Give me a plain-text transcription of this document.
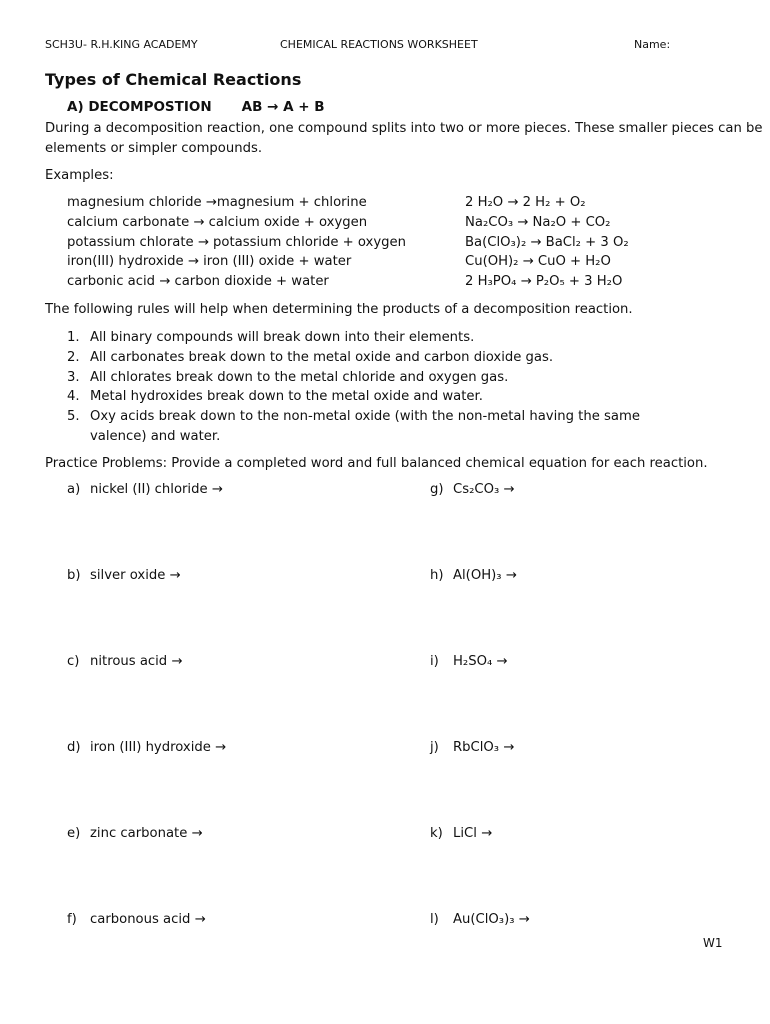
SCH3U- R.H.KING ACADEMY	CHEMICAL REACTIONS WORKSHEET	Name:
Types of Chemical Reactions
A) DECOMPOSTION AB → A + B
During a decomposition reaction, one compound splits into two or more pieces. These smaller pieces can be
elements or simpler compounds.
Examples:
magnesium chloride →magnesium + chlorine
calcium carbonate → calcium oxide + oxygen
potassium chlorate → potassium chloride + oxygen
iron(III) hydroxide → iron (III) oxide + water
carbonic acid → carbon dioxide + water
2 H₂O → 2 H₂ + O₂
Na₂CO₃ → Na₂O + CO₂
Ba(ClO₃)₂ → BaCl₂ + 3 O₂
Cu(OH)₂ → CuO + H₂O
2 H₃PO₄ → P₂O₅ + 3 H₂O
The following rules will help when determining the products of a decomposition reaction.
1. All binary compounds will break down into their elements.
2. All carbonates break down to the metal oxide and carbon dioxide gas.
3. All chlorates break down to the metal chloride and oxygen gas.
4. Metal hydroxides break down to the metal oxide and water.
5. Oxy acids break down to the non-metal oxide (with the non-metal having the same valence) and water.
Practice Problems: Provide a completed word and full balanced chemical equation for each reaction.
a) nickel (II) chloride →
b) silver oxide →
c) nitrous acid →
d) iron (III) hydroxide →
e) zinc carbonate →
f) carbonous acid →
g) Cs₂CO₃ →
h) Al(OH)₃ →
i) H₂SO₄ →
j) RbClO₃ →
k) LiCl →
l) Au(ClO₃)₃ →
W1
